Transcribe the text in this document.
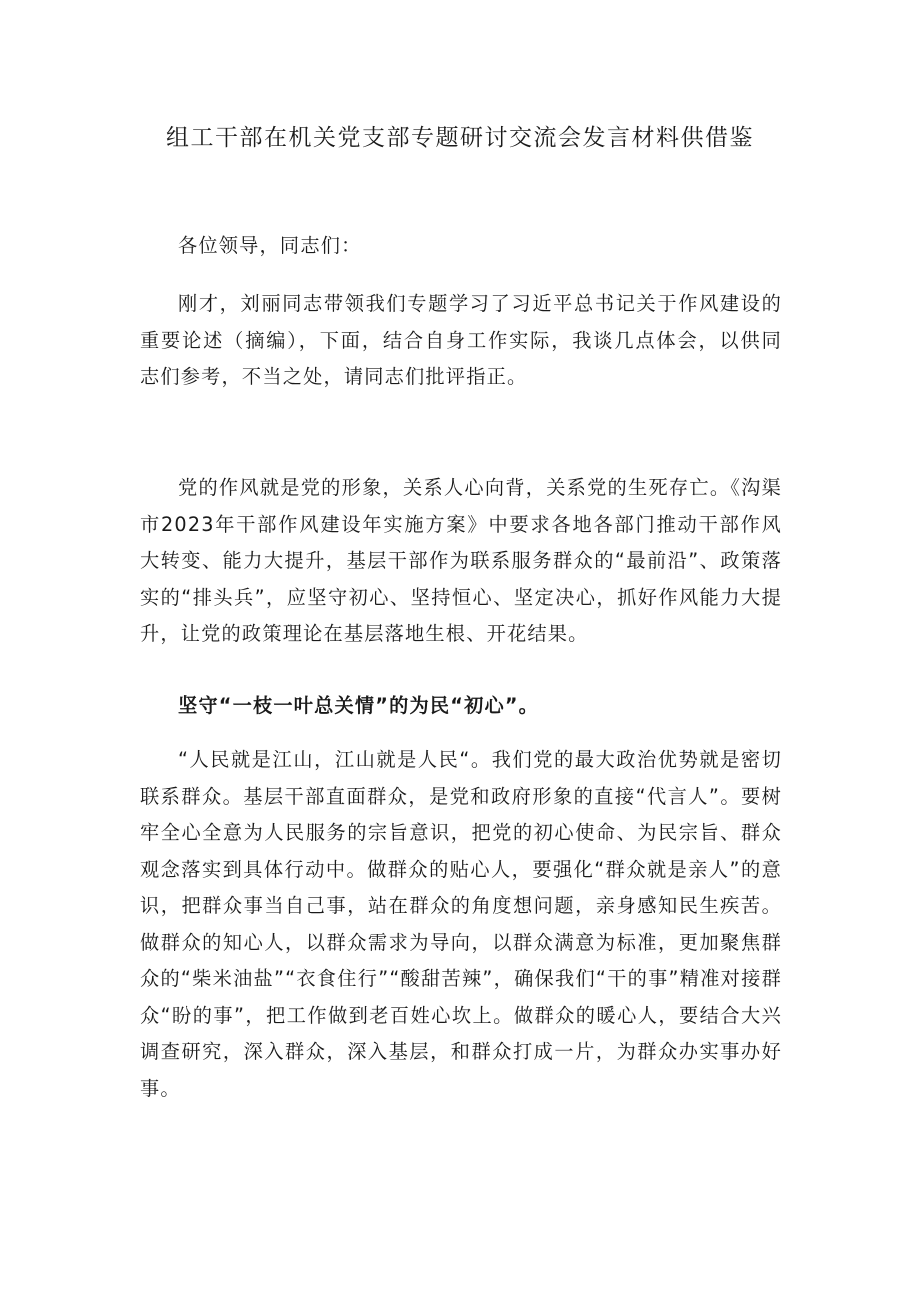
组工干部在机关党支部专题研讨交流会发言材料供借鉴

各位领导，同志们：

刚才，刘丽同志带领我们专题学习了习近平总书记关于作风建设的重要论述（摘编），下面，结合自身工作实际，我谈几点体会，以供同志们参考，不当之处，请同志们批评指正。

党的作风就是党的形象，关系人心向背，关系党的生死存亡。《沟渠市2023年干部作风建设年实施方案》中要求各地各部门推动干部作风大转变、能力大提升，基层干部作为联系服务群众的“最前沿”、政策落实的“排头兵”，应坚守初心、坚持恒心、坚定决心，抓好作风能力大提升，让党的政策理论在基层落地生根、开花结果。

坚守“一枝一叶总关情”的为民“初心”。

“人民就是江山，江山就是人民“。我们党的最大政治优势就是密切联系群众。基层干部直面群众，是党和政府形象的直接“代言人”。要树牢全心全意为人民服务的宗旨意识，把党的初心使命、为民宗旨、群众观念落实到具体行动中。做群众的贴心人，要强化“群众就是亲人”的意识，把群众事当自己事，站在群众的角度想问题，亲身感知民生疾苦。做群众的知心人，以群众需求为导向，以群众满意为标准，更加聚焦群众的“柴米油盐”“衣食住行”“酸甜苦辣”，确保我们“干的事”精准对接群众“盼的事”，把工作做到老百姓心坎上。做群众的暖心人，要结合大兴调查研究，深入群众，深入基层，和群众打成一片，为群众办实事办好事。
